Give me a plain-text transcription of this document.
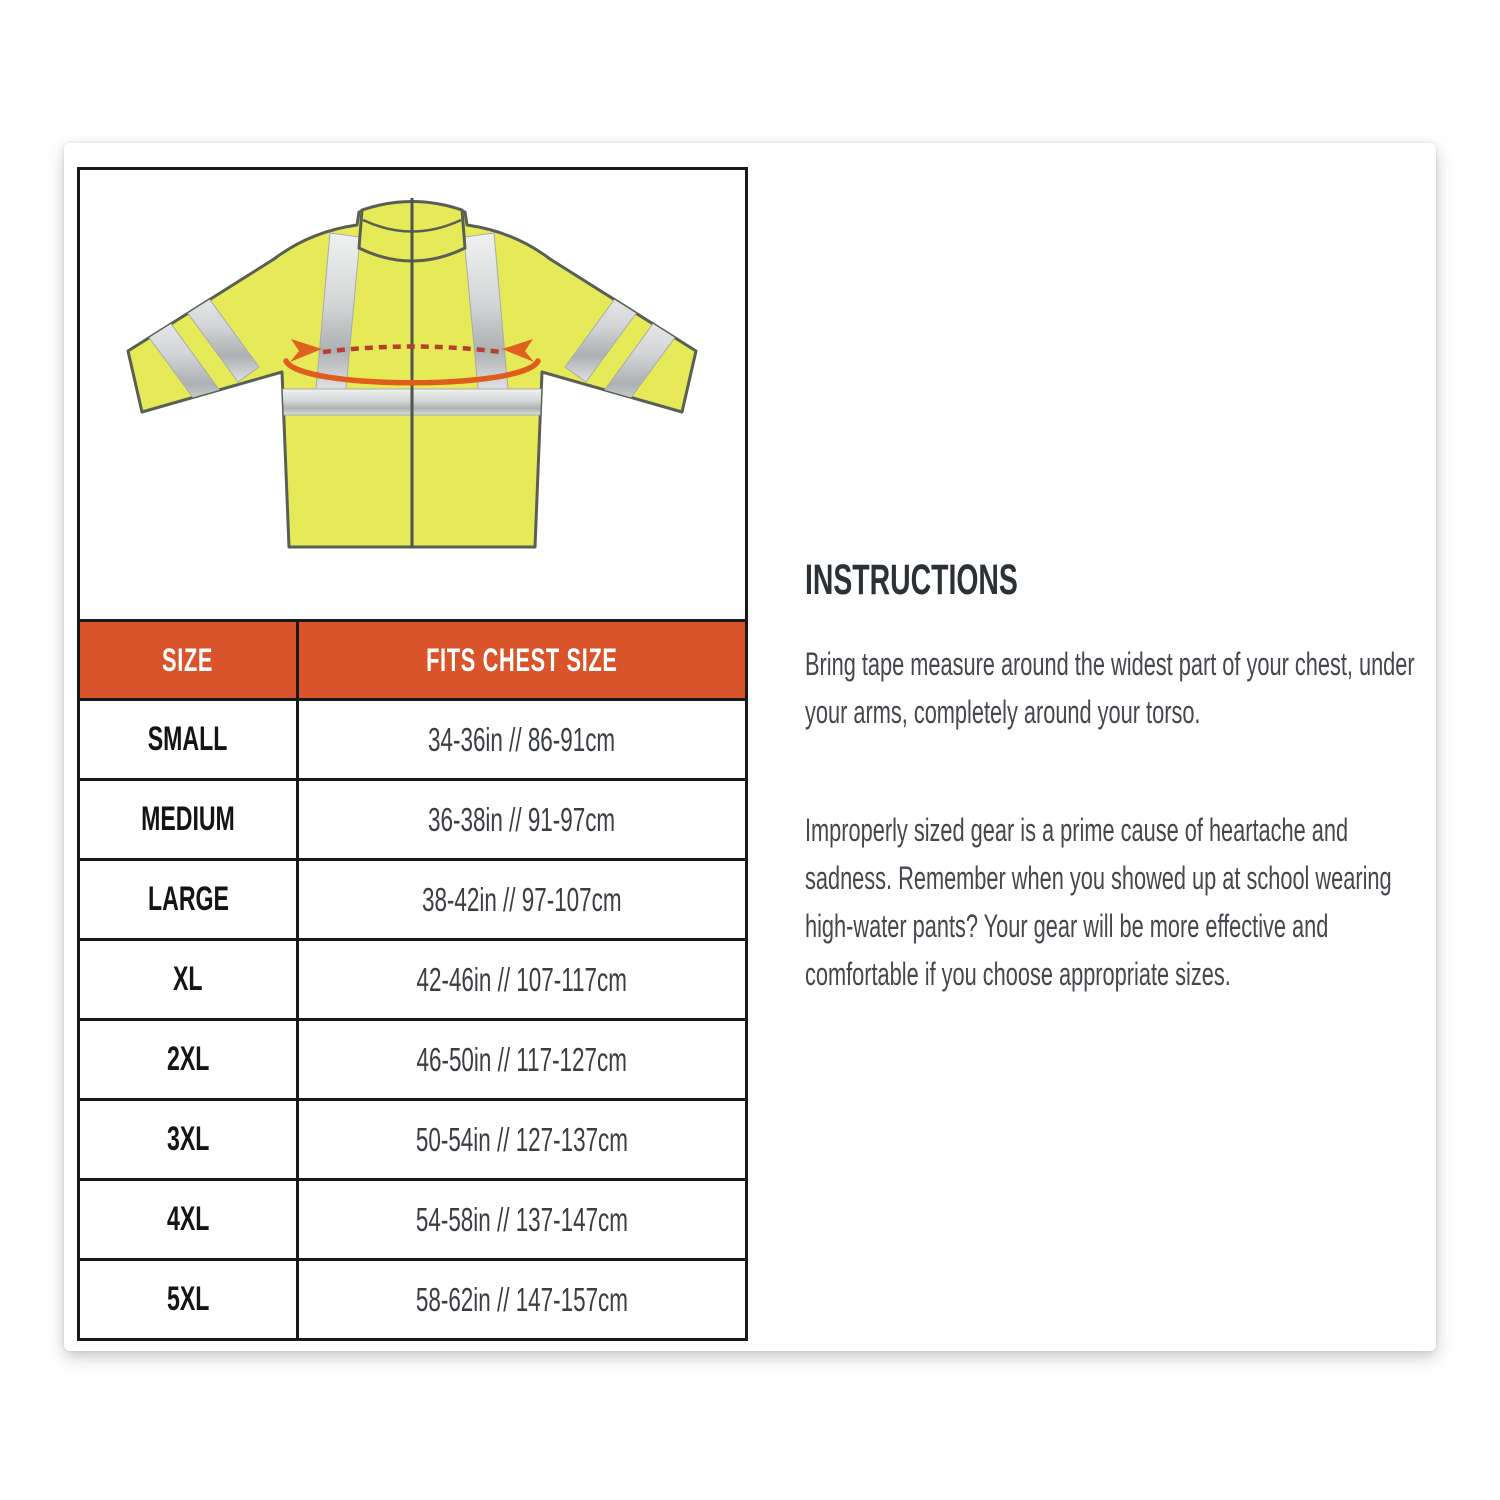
SIZE	FITS CHEST SIZE
SMALL	34-36in // 86-91cm
MEDIUM	36-38in // 91-97cm
LARGE	38-42in // 97-107cm
XL	42-46in // 107-117cm
2XL	46-50in // 117-127cm
3XL	50-54in // 127-137cm
4XL	54-58in // 137-147cm
5XL	58-62in // 147-157cm
INSTRUCTIONS

Bring tape measure around the widest part of your chest, under your arms, completely around your torso.

Improperly sized gear is a prime cause of heartache and sadness. Remember when you showed up at school wearing high-water pants? Your gear will be more effective and comfortable if you choose appropriate sizes.
